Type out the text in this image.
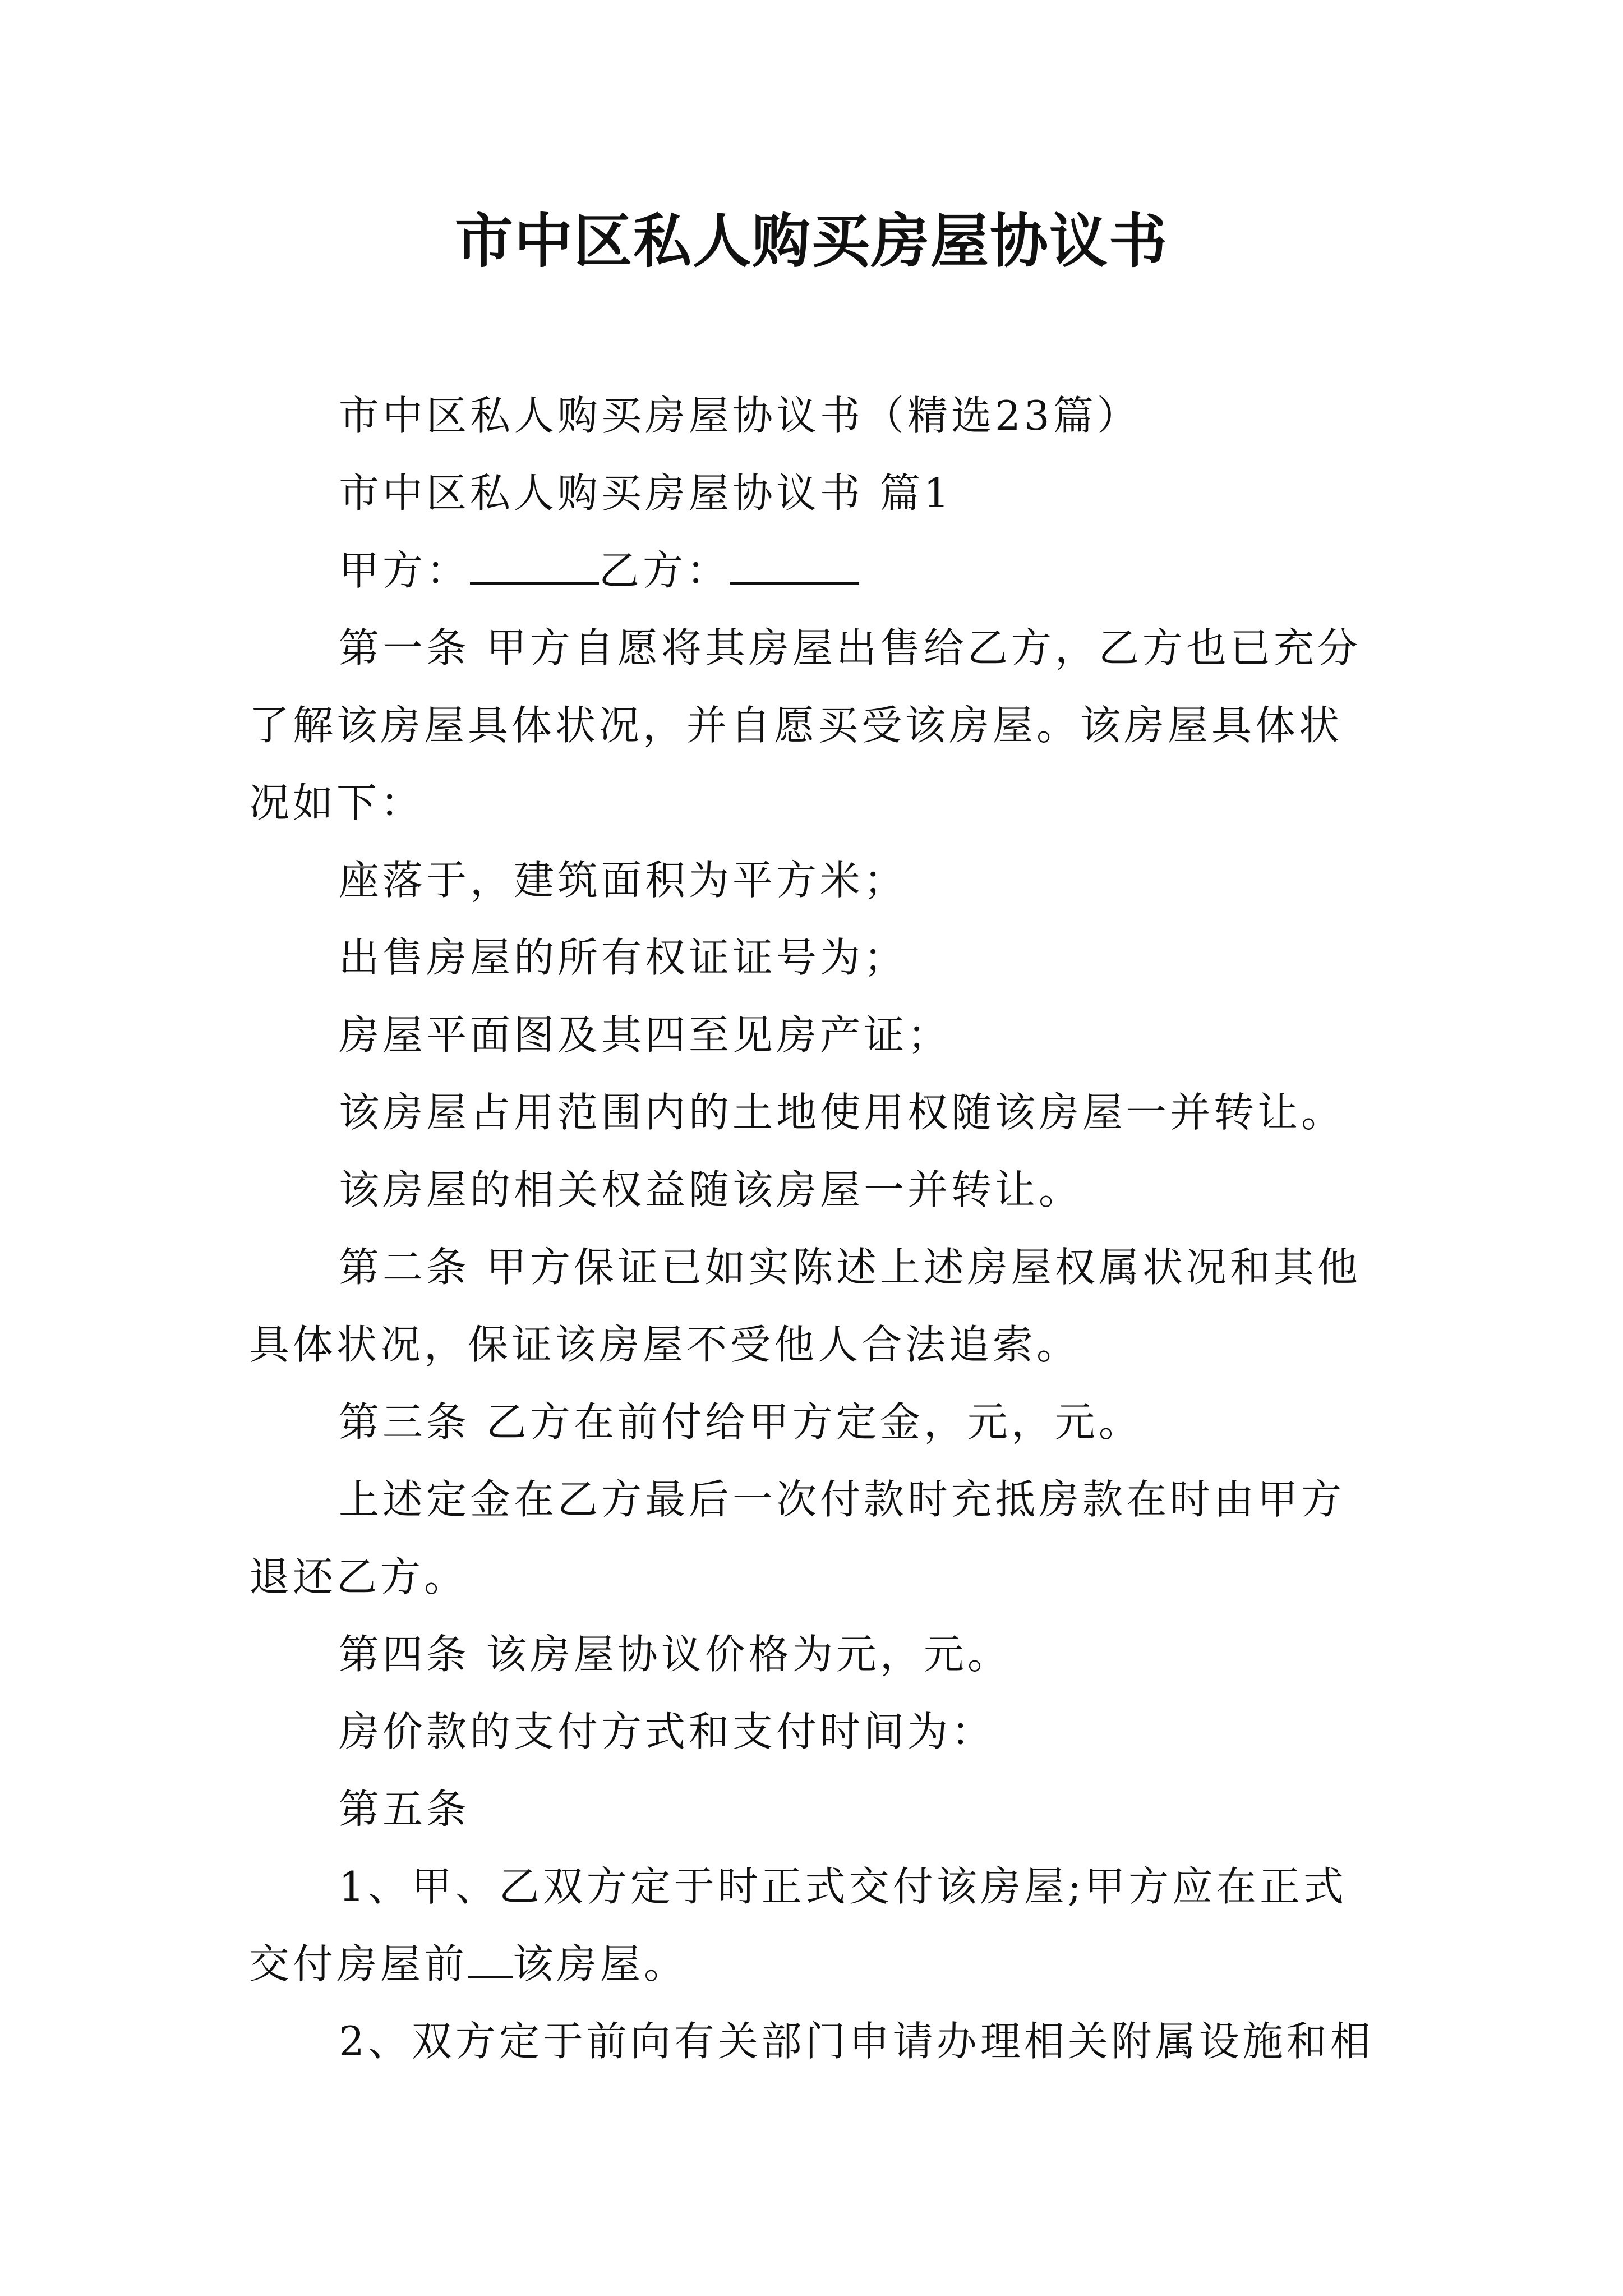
市中区私人购买房屋协议书

市中区私人购买房屋协议书（精选23篇）

市中区私人购买房屋协议书 篇1

甲方：	乙方：

第一条 甲方自愿将其房屋出售给乙方，乙方也已充分了解该房屋具体状况，并自愿买受该房屋。该房屋具体状况如下：

座落于，建筑面积为平方米；

出售房屋的所有权证证号为；

房屋平面图及其四至见房产证；

该房屋占用范围内的土地使用权随该房屋一并转让。

该房屋的相关权益随该房屋一并转让。

第二条 甲方保证已如实陈述上述房屋权属状况和其他具体状况，保证该房屋不受他人合法追索。

第三条 乙方在前付给甲方定金，元，元。

上述定金在乙方最后一次付款时充抵房款在时由甲方退还乙方。

第四条 该房屋协议价格为元，元。

房价款的支付方式和支付时间为：

第五条

1、甲、乙双方定于时正式交付该房屋;甲方应在正式交付房屋前 该房屋。

2、双方定于前向有关部门申请办理相关附属设施和相
